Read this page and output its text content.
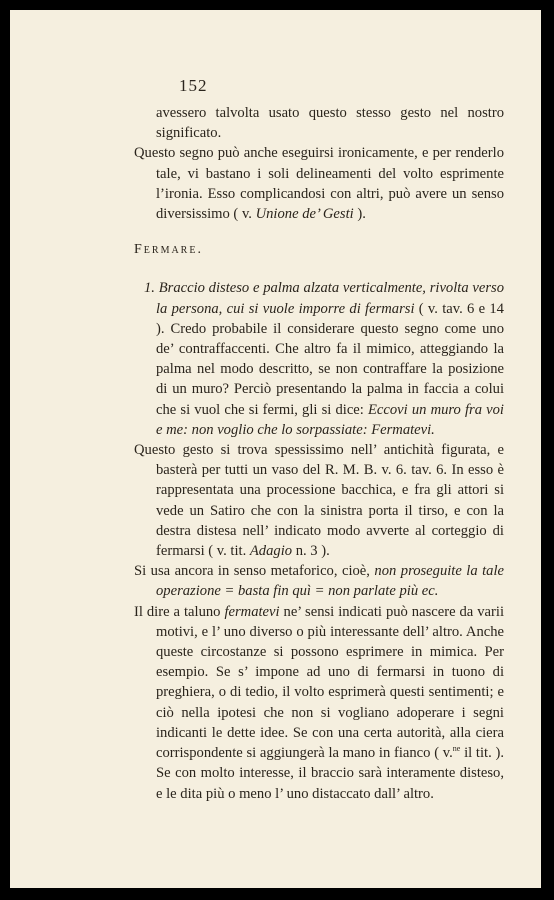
152

avessero talvolta usato questo stesso gesto nel nostro significato.

Questo segno può anche eseguirsi ironicamente, e per renderlo tale, vi bastano i soli delineamenti del volto esprimente l’ironia. Esso complicandosi con altri, può avere un senso diversissimo ( v. Unione de’ Gesti ).

Fermare.

1. Braccio disteso e palma alzata verticalmente, rivolta verso la persona, cui si vuole imporre di fermarsi ( v. tav. 6 e 14 ). Credo probabile il considerare questo segno come uno de’ contraffaccenti. Che altro fa il mimico, atteggiando la palma nel modo descritto, se non contraffare la posizione di un muro? Perciò presentando la palma in faccia a colui che si vuol che si fermi, gli si dice: Eccovi un muro fra voi e me: non voglio che lo sorpassiate: Fermatevi.

Questo gesto si trova spessissimo nell’ antichità figurata, e basterà per tutti un vaso del R. M. B. v. 6. tav. 6. In esso è rappresentata una processione bacchica, e fra gli attori si vede un Satiro che con la sinistra porta il tirso, e con la destra distesa nell’ indicato modo avverte al corteggio di fermarsi ( v. tit. Adagio n. 3 ).

Si usa ancora in senso metaforico, cioè, non proseguite la tale operazione = basta fin quì = non parlate più ec.

Il dire a taluno fermatevi ne’ sensi indicati può nascere da varii motivi, e l’ uno diverso o più interessante dell’ altro. Anche queste circostanze si possono esprimere in mimica. Per esempio. Se s’ impone ad uno di fermarsi in tuono di preghiera, o di tedio, il volto esprimerà questi sentimenti; e ciò nella ipotesi che non si vogliano adoperare i segni indicanti le dette idee. Se con una certa autorità, alla ciera corrispondente si aggiungerà la mano in fianco ( v.$^{ne}$ il tit. ). Se con molto interesse, il braccio sarà interamente disteso, e le dita più o meno l’ uno distaccato dall’ altro.
